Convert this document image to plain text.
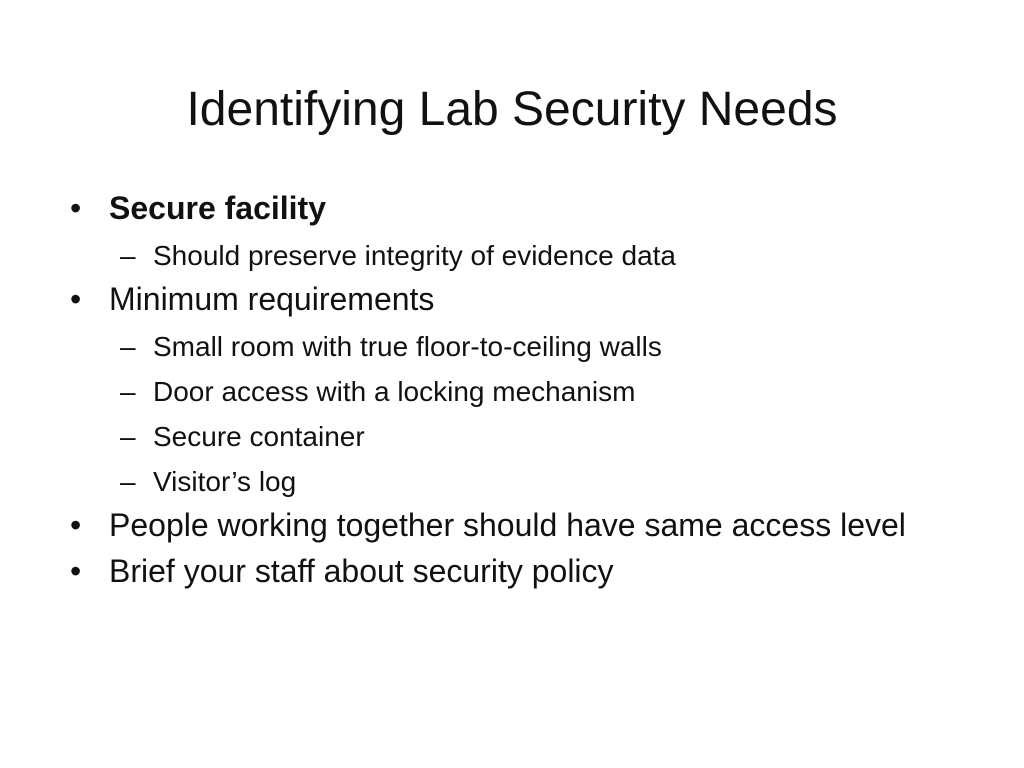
Identifying Lab Security Needs
• Secure facility
– Should preserve integrity of evidence data
• Minimum requirements
– Small room with true floor-to-ceiling walls
– Door access with a locking mechanism
– Secure container
– Visitor’s log
• People working together should have same access level
• Brief your staff about security policy
